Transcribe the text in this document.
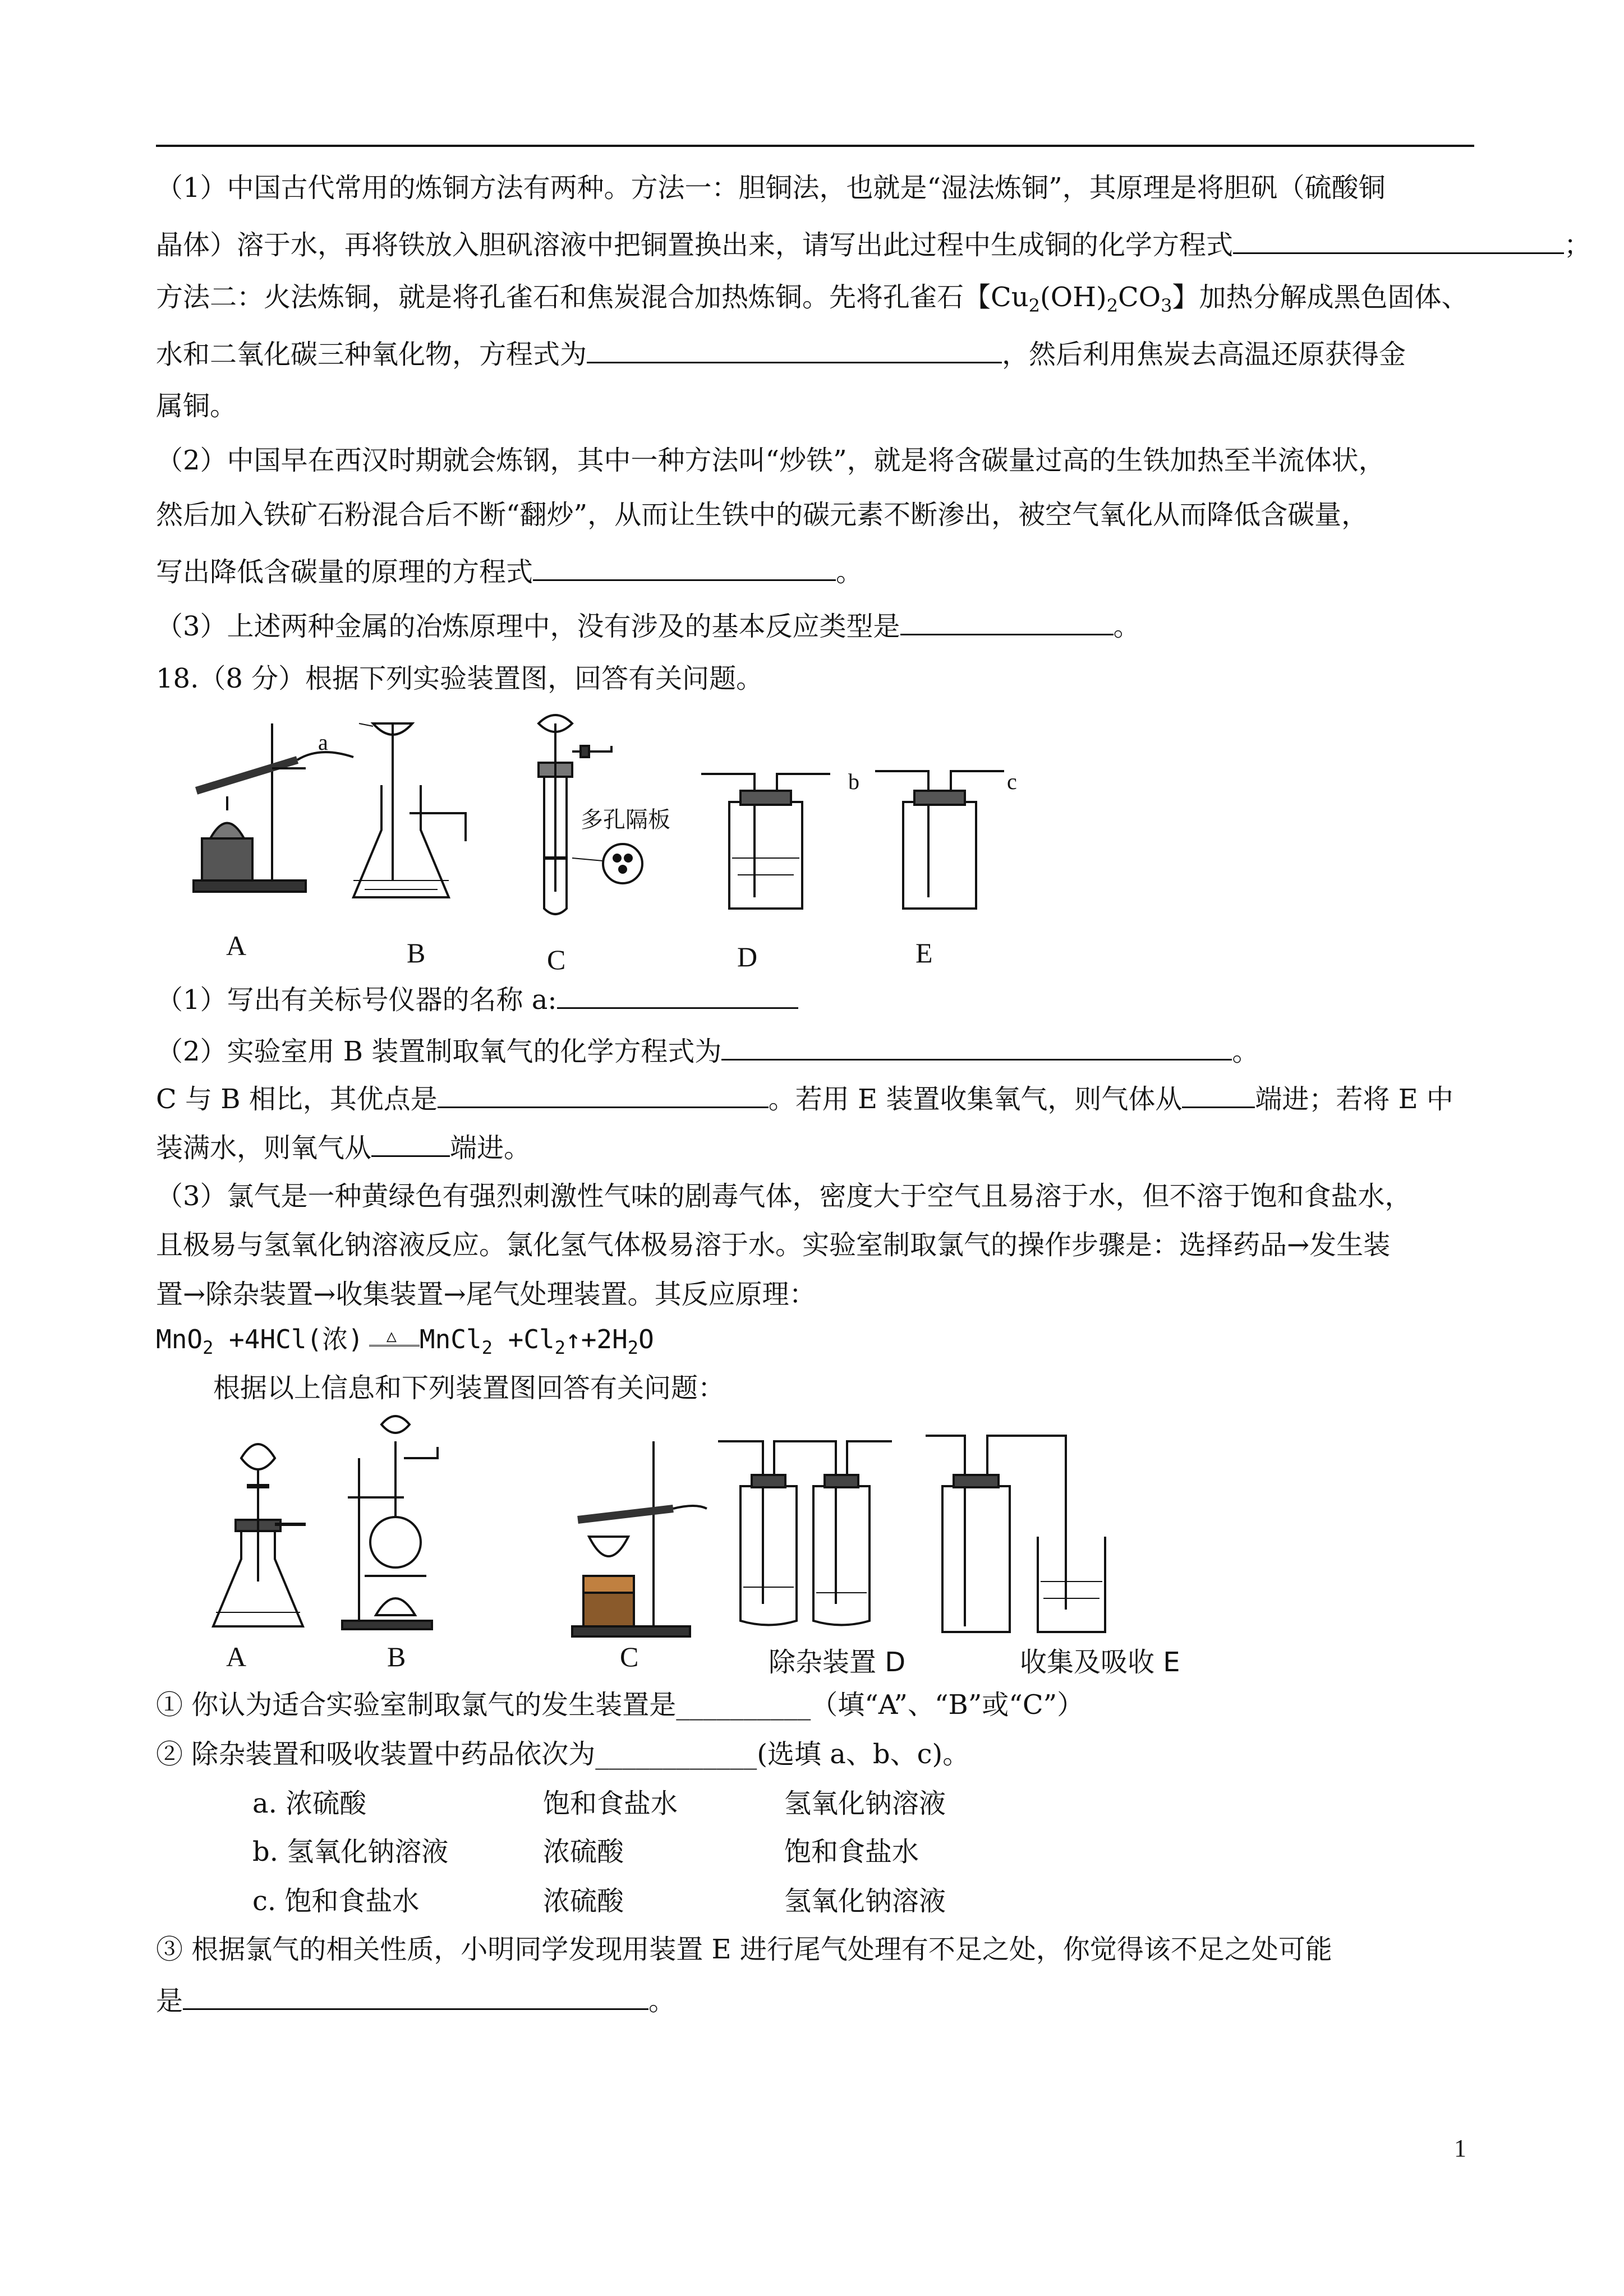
（1）中国古代常用的炼铜方法有两种。方法一：胆铜法，也就是“湿法炼铜”，其原理是将胆矾（硫酸铜
晶体）溶于水，再将铁放入胆矾溶液中把铜置换出来，请写出此过程中生成铜的化学方程式	；
方法二：火法炼铜，就是将孔雀石和焦炭混合加热炼铜。先将孔雀石【$Cu_2(OH)_2CO_3$】加热分解成黑色固体、
水和二氧化碳三种氧化物，方程式为	，然后利用焦炭去高温还原获得金
属铜。
（2）中国早在西汉时期就会炼钢，其中一种方法叫“炒铁”，就是将含碳量过高的生铁加热至半流体状，
然后加入铁矿石粉混合后不断“翻炒”，从而让生铁中的碳元素不断渗出，被空气氧化从而降低含碳量，
写出降低含碳量的原理的方程式	。
（3）上述两种金属的冶炼原理中，没有涉及的基本反应类型是	。
18.（8 分）根据下列实验装置图，回答有关问题。
a
b	c
多孔隔板
A	B	C	D	E
（1）写出有关标号仪器的名称 a:
（2）实验室用 B 装置制取氧气的化学方程式为	。
C 与 B 相比，其优点是	。若用 E 装置收集氧气，则气体从	端进；若将 E 中
装满水，则氧气从	端进。
（3）氯气是一种黄绿色有强烈刺激性气味的剧毒气体，密度大于空气且易溶于水，但不溶于饱和食盐水，
且极易与氢氧化钠溶液反应。氯化氢气体极易溶于水。实验室制取氯气的操作步骤是：选择药品→发生装
置→除杂装置→收集装置→尾气处理装置。其反应原理：
MnO$_2$ +4HCl(浓) △ MnCl$_2$ $+Cl_2↑+2H_2O$
根据以上信息和下列装置图回答有关问题：
A	B	C	除杂装置 D	收集及吸收 E
① 你认为适合实验室制取氯气的发生装置是__________（填“A”、“B”或“C”）
② 除杂装置和吸收装置中药品依次为____________(选填 a、b、c)。
a. 浓硫酸	饱和食盐水	氢氧化钠溶液
b. 氢氧化钠溶液	浓硫酸	饱和食盐水
c. 饱和食盐水	浓硫酸	氢氧化钠溶液
③ 根据氯气的相关性质，小明同学发现用装置 E 进行尾气处理有不足之处，你觉得该不足之处可能
是	。
1
